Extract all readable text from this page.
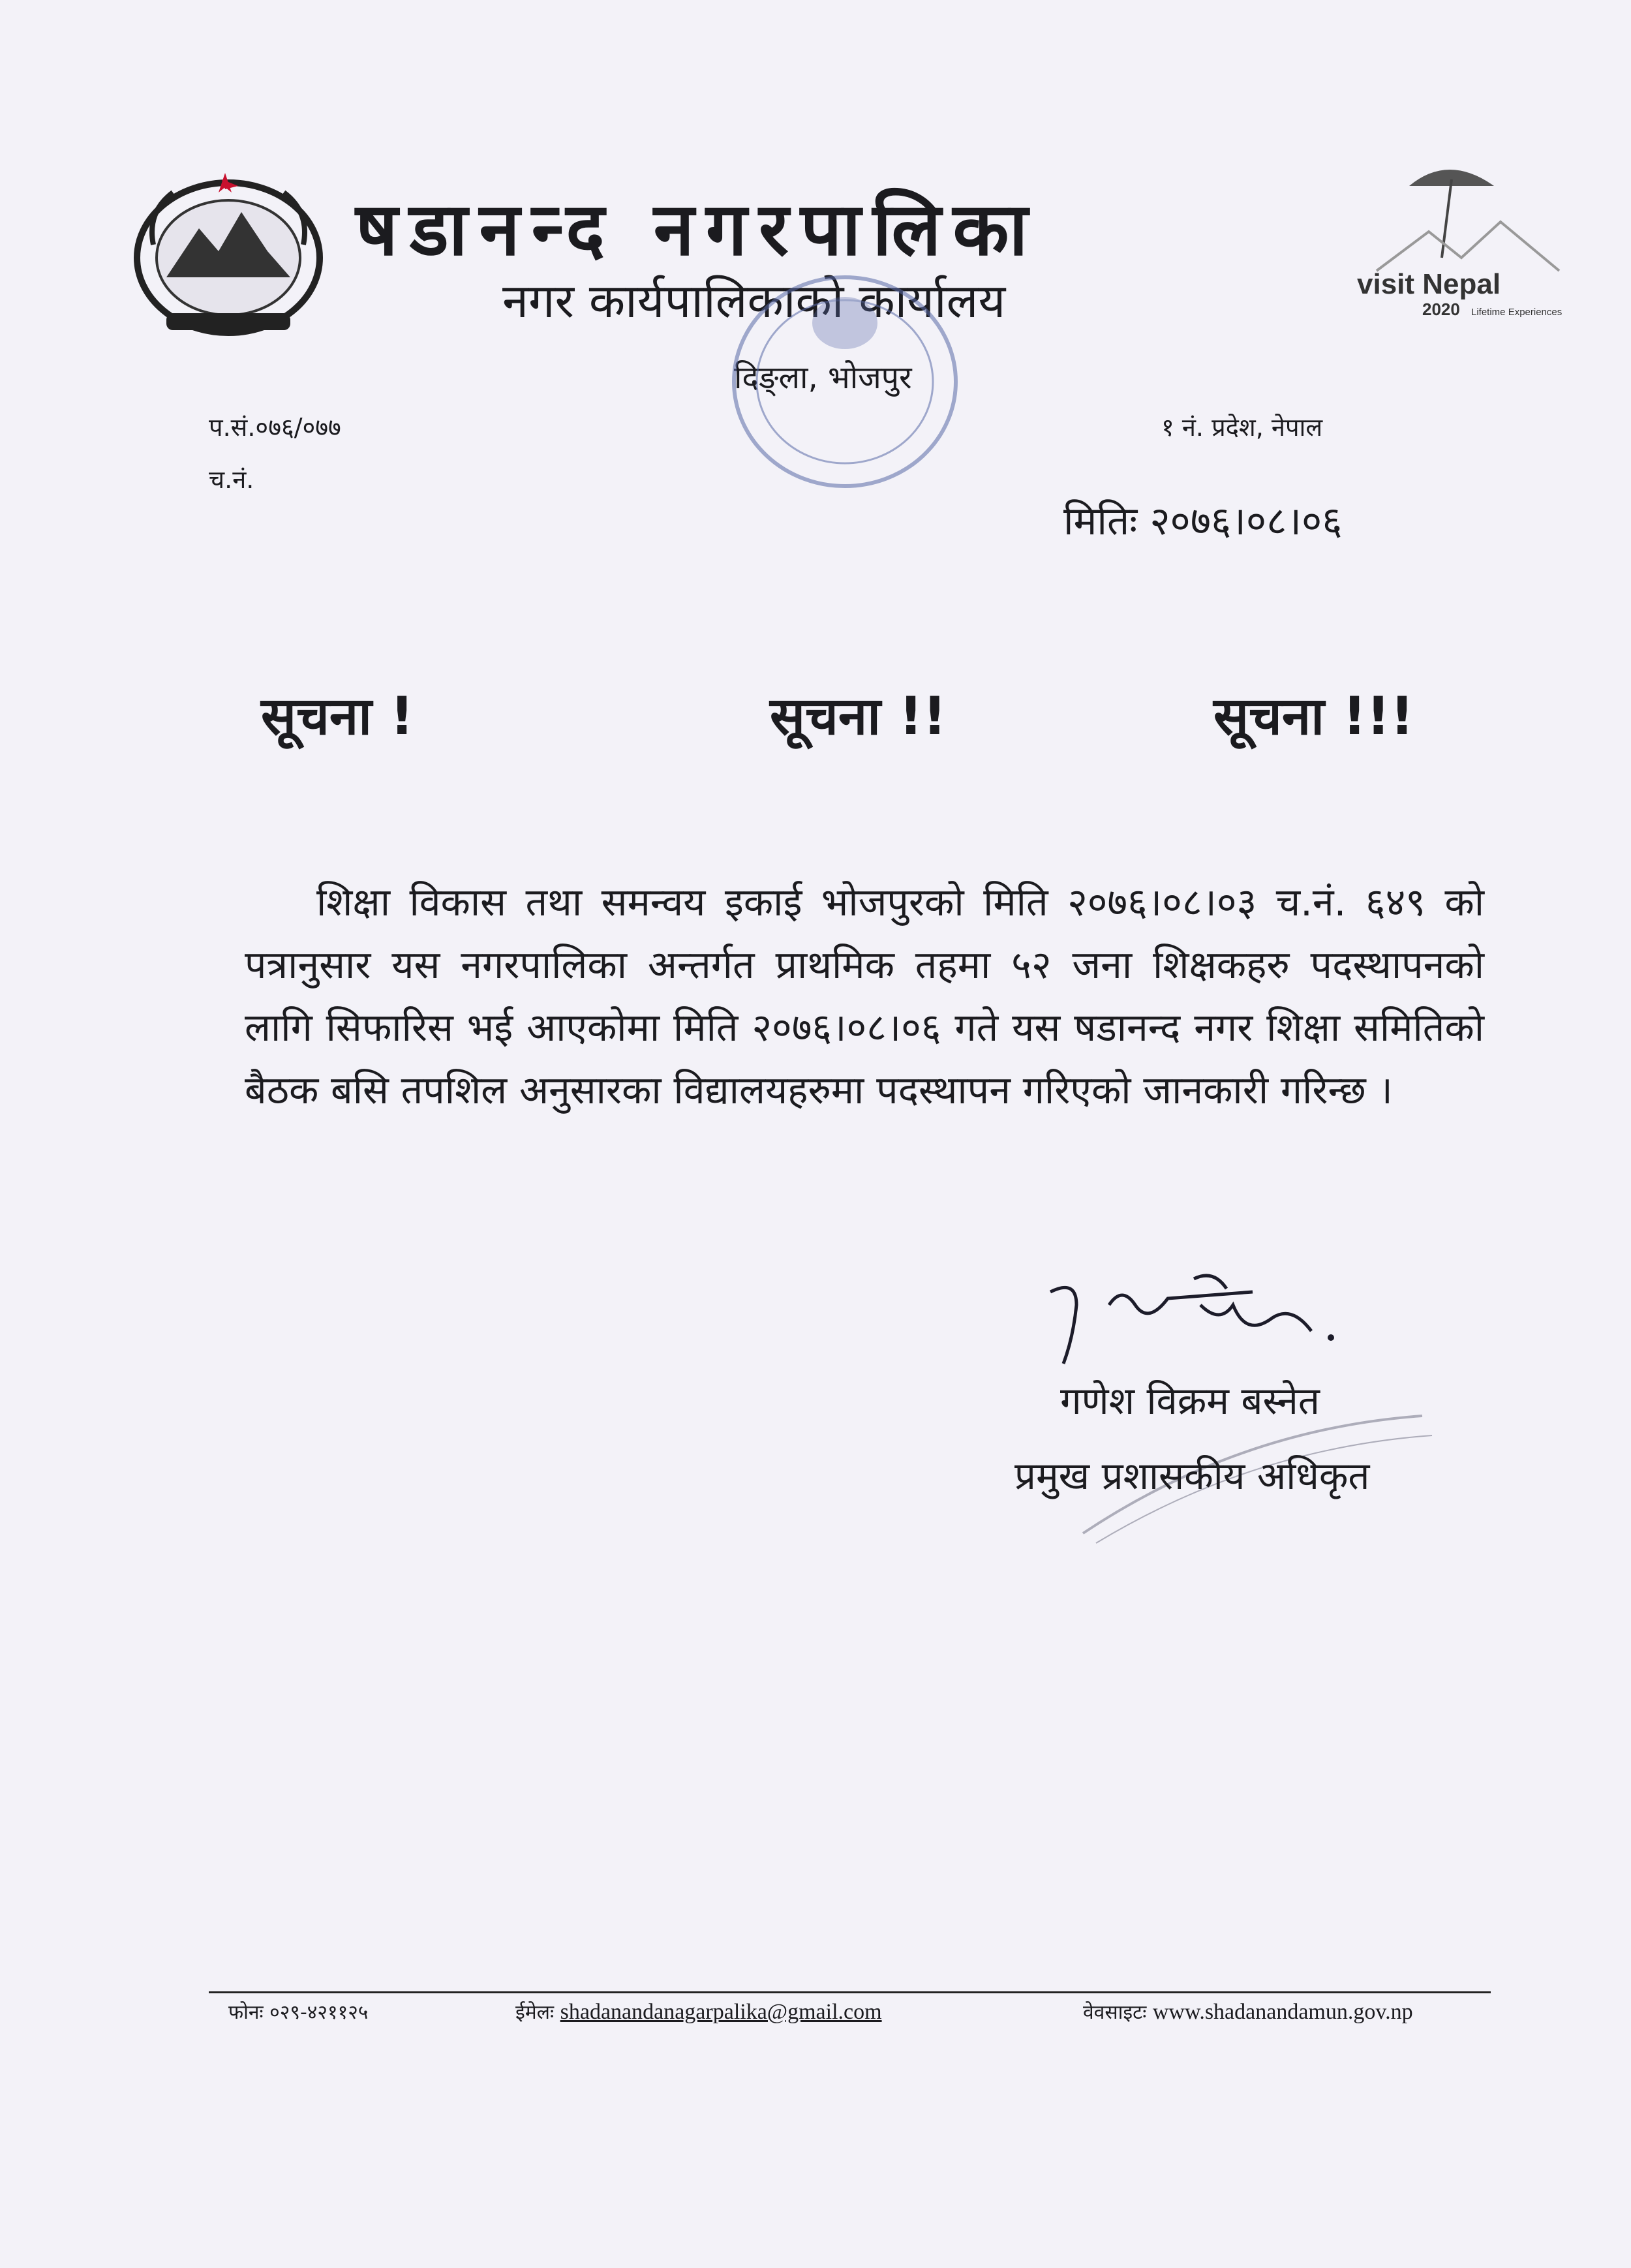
षडानन्द नगरपालिका
नगर कार्यपालिकाको कार्यालय
दिङ्ला, भोजपुर
visit Nepal
2020 Lifetime Experiences
प.सं.०७६/०७७
च.नं.
१ नं. प्रदेश, नेपाल
मितिः २०७६।०८।०६
सूचना !	सूचना !!	सूचना !!!
शिक्षा विकास तथा समन्वय इकाई भोजपुरको मिति २०७६।०८।०३ च.नं. ६४९ को पत्रानुसार यस नगरपालिका अन्तर्गत प्राथमिक तहमा ५२ जना शिक्षकहरु पदस्थापनको लागि सिफारिस भई आएकोमा मिति २०७६।०८।०६ गते यस षडानन्द नगर शिक्षा समितिको बैठक बसि तपशिल अनुसारका विद्यालयहरुमा पदस्थापन गरिएको जानकारी गरिन्छ ।
गणेश विक्रम बस्नेत
प्रमुख प्रशासकीय अधिकृत
फोनः ०२९-४२११२५	ईमेलः shadanandanagarpalika@gmail.com	वेवसाइटः www.shadanandamun.gov.np
